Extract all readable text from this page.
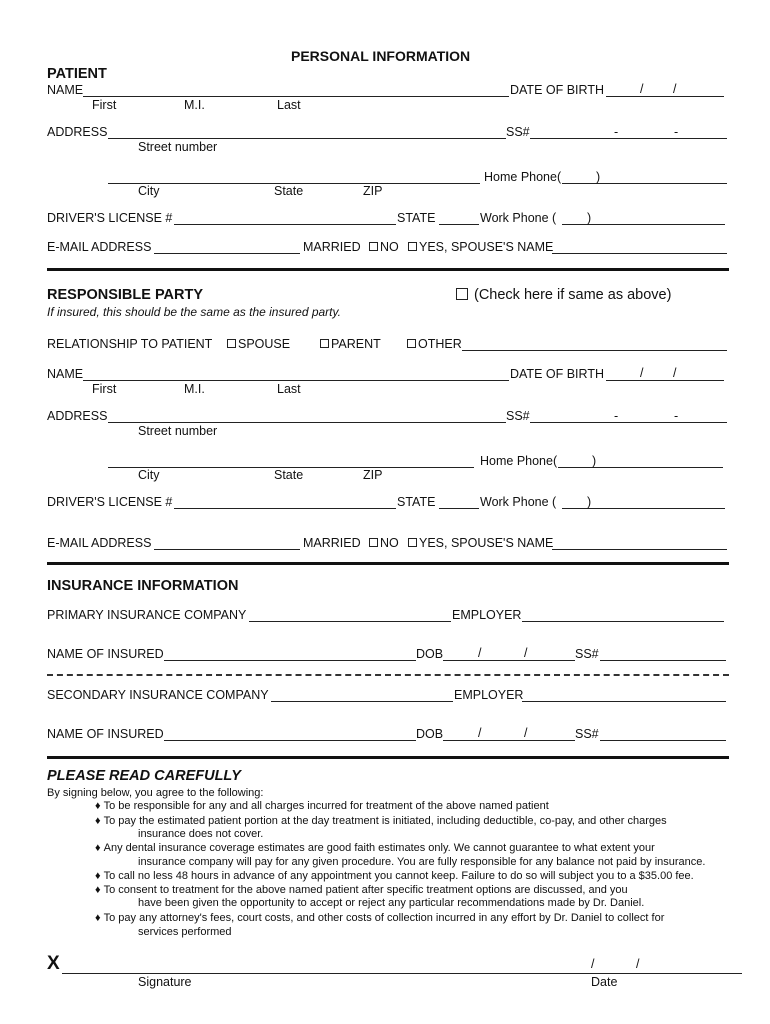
PERSONAL INFORMATION
PATIENT
NAME	DATE OF BIRTH	/ /
First	M.I.	Last
ADDRESS	SS#	-	-
Street number
Home Phone(	)
City	State	ZIP
DRIVER'S LICENSE #	STATE	Work Phone ( )
E-MAIL ADDRESS	MARRIED	NO	YES, SPOUSE'S NAME
RESPONSIBLE PARTY
If insured, this should be the same as the insured party.
(Check here if same as above)
RELATIONSHIP TO PATIENT	SPOUSE	PARENT	OTHER
NAME	DATE OF BIRTH	/ /
First	M.I.	Last
ADDRESS	SS#	-	-
Street number
Home Phone(	)
City	State	ZIP
DRIVER'S LICENSE #	STATE	Work Phone ( )
E-MAIL ADDRESS	MARRIED	NO	YES, SPOUSE'S NAME
INSURANCE INFORMATION
PRIMARY INSURANCE COMPANY	EMPLOYER
NAME OF INSURED	DOB	/	/	SS#
SECONDARY INSURANCE COMPANY	EMPLOYER
NAME OF INSURED	DOB	/	/	SS#
PLEASE READ CAREFULLY
By signing below, you agree to the following:
♦ To be responsible for any and all charges incurred for treatment of the above named patient
♦ To pay the estimated patient portion at the day treatment is initiated, including deductible, co-pay, and other charges
insurance does not cover.
♦ Any dental insurance coverage estimates are good faith estimates only. We cannot guarantee to what extent your
insurance company will pay for any given procedure. You are fully responsible for any balance not paid by insurance.
♦ To call no less 48 hours in advance of any appointment you cannot keep. Failure to do so will subject you to a $35.00 fee.
♦ To consent to treatment for the above named patient after specific treatment options are discussed, and you
have been given the opportunity to accept or reject any particular recommendations made by Dr. Daniel.
♦ To pay any attorney's fees, court costs, and other costs of collection incurred in any effort by Dr. Daniel to collect for
services performed
X	/	/
Signature	Date
